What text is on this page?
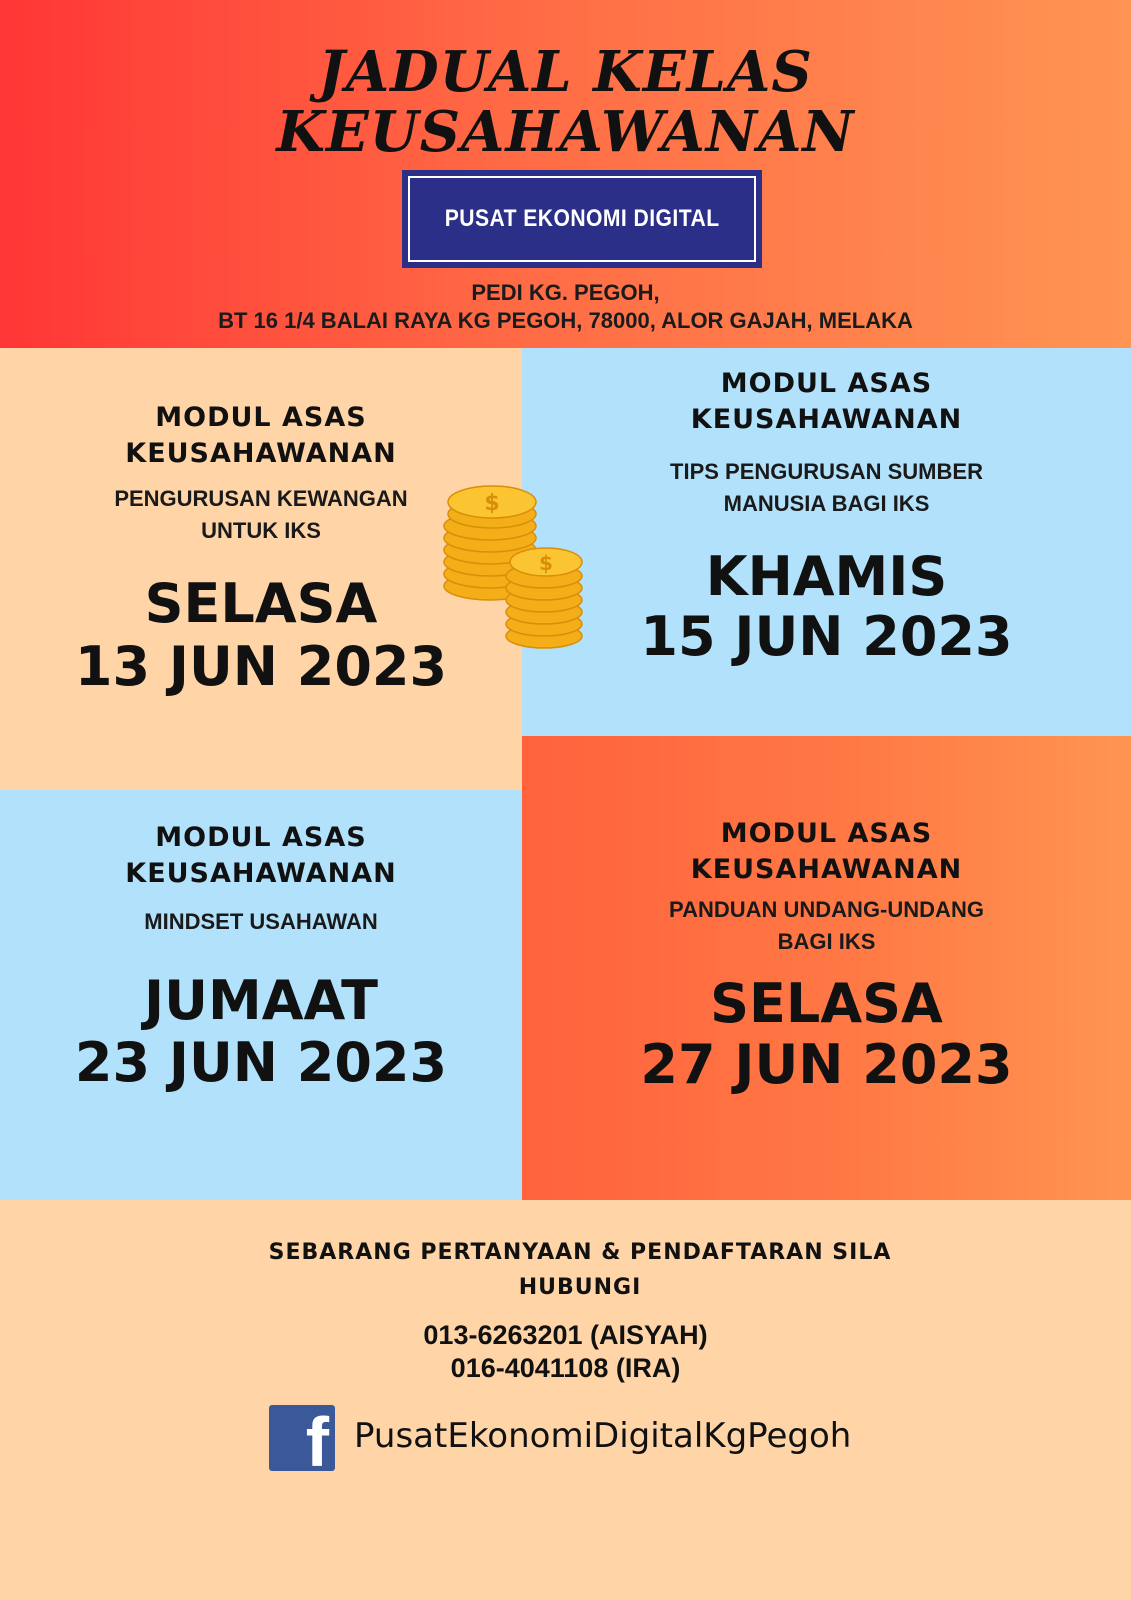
JADUAL KELAS
KEUSAHAWANAN
PUSAT EKONOMI DIGITAL
PEDI KG. PEGOH,
BT 16 1/4 BALAI RAYA KG PEGOH, 78000, ALOR GAJAH, MELAKA
MODUL ASAS
KEUSAHAWANAN
PENGURUSAN KEWANGAN
UNTUK IKS
SELASA
13 JUN 2023
MODUL ASAS
KEUSAHAWANAN
TIPS PENGURUSAN SUMBER
MANUSIA BAGI IKS
KHAMIS
15 JUN 2023
MODUL ASAS
KEUSAHAWANAN
MINDSET USAHAWAN
JUMAAT
23 JUN 2023
MODUL ASAS
KEUSAHAWANAN
PANDUAN UNDANG-UNDANG
BAGI IKS
SELASA
27 JUN 2023
$
$
SEBARANG PERTANYAAN & PENDAFTARAN SILA
HUBUNGI
013-6263201 (AISYAH)
016-4041108 (IRA)
f PusatEkonomiDigitalKgPegoh
